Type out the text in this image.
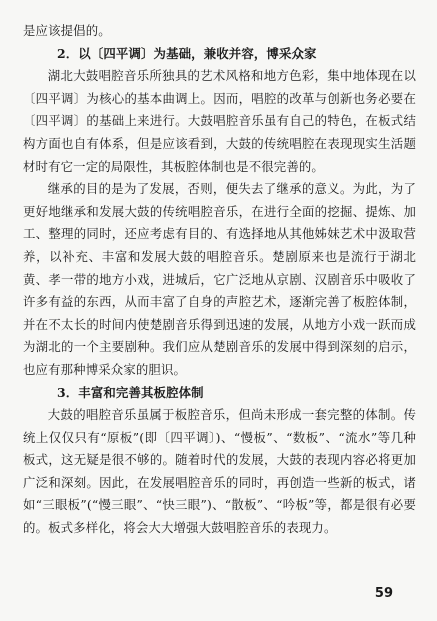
是应该提倡的。

2．以〔四平调〕为基础，兼收并容，博采众家

湖北大鼓唱腔音乐所独具的艺术风格和地方色彩，集中地体现在以〔四平调〕为核心的基本曲调上。因而，唱腔的改革与创新也务必要在〔四平调〕的基础上来进行。大鼓唱腔音乐虽有自己的特色，在板式结构方面也自有体系，但是应该看到，大鼓的传统唱腔在表现现实生活题材时有它一定的局限性，其板腔体制也是不很完善的。

继承的目的是为了发展，否则，便失去了继承的意义。为此，为了更好地继承和发展大鼓的传统唱腔音乐，在进行全面的挖掘、提炼、加工、整理的同时，还应考虑有目的、有选择地从其他姊妹艺术中汲取营养，以补充、丰富和发展大鼓的唱腔音乐。楚剧原来也是流行于湖北黄、孝一带的地方小戏，进城后，它广泛地从京剧、汉剧音乐中吸收了许多有益的东西，从而丰富了自身的声腔艺术，逐渐完善了板腔体制，并在不太长的时间内使楚剧音乐得到迅速的发展，从地方小戏一跃而成为湖北的一个主要剧种。我们应从楚剧音乐的发展中得到深刻的启示，也应有那种博采众家的胆识。

3．丰富和完善其板腔体制

大鼓的唱腔音乐虽属于板腔音乐，但尚未形成一套完整的体制。传统上仅仅只有“原板”(即〔四平调〕)、“慢板”、“数板”、“流水”等几种板式，这无疑是很不够的。随着时代的发展，大鼓的表现内容必将更加广泛和深刻。因此，在发展唱腔音乐的同时，再创造一些新的板式，诸如“三眼板”(“慢三眼”、“快三眼”)、“散板”、“吟板”等，都是很有必要的。板式多样化，将会大大增强大鼓唱腔音乐的表现力。

59
